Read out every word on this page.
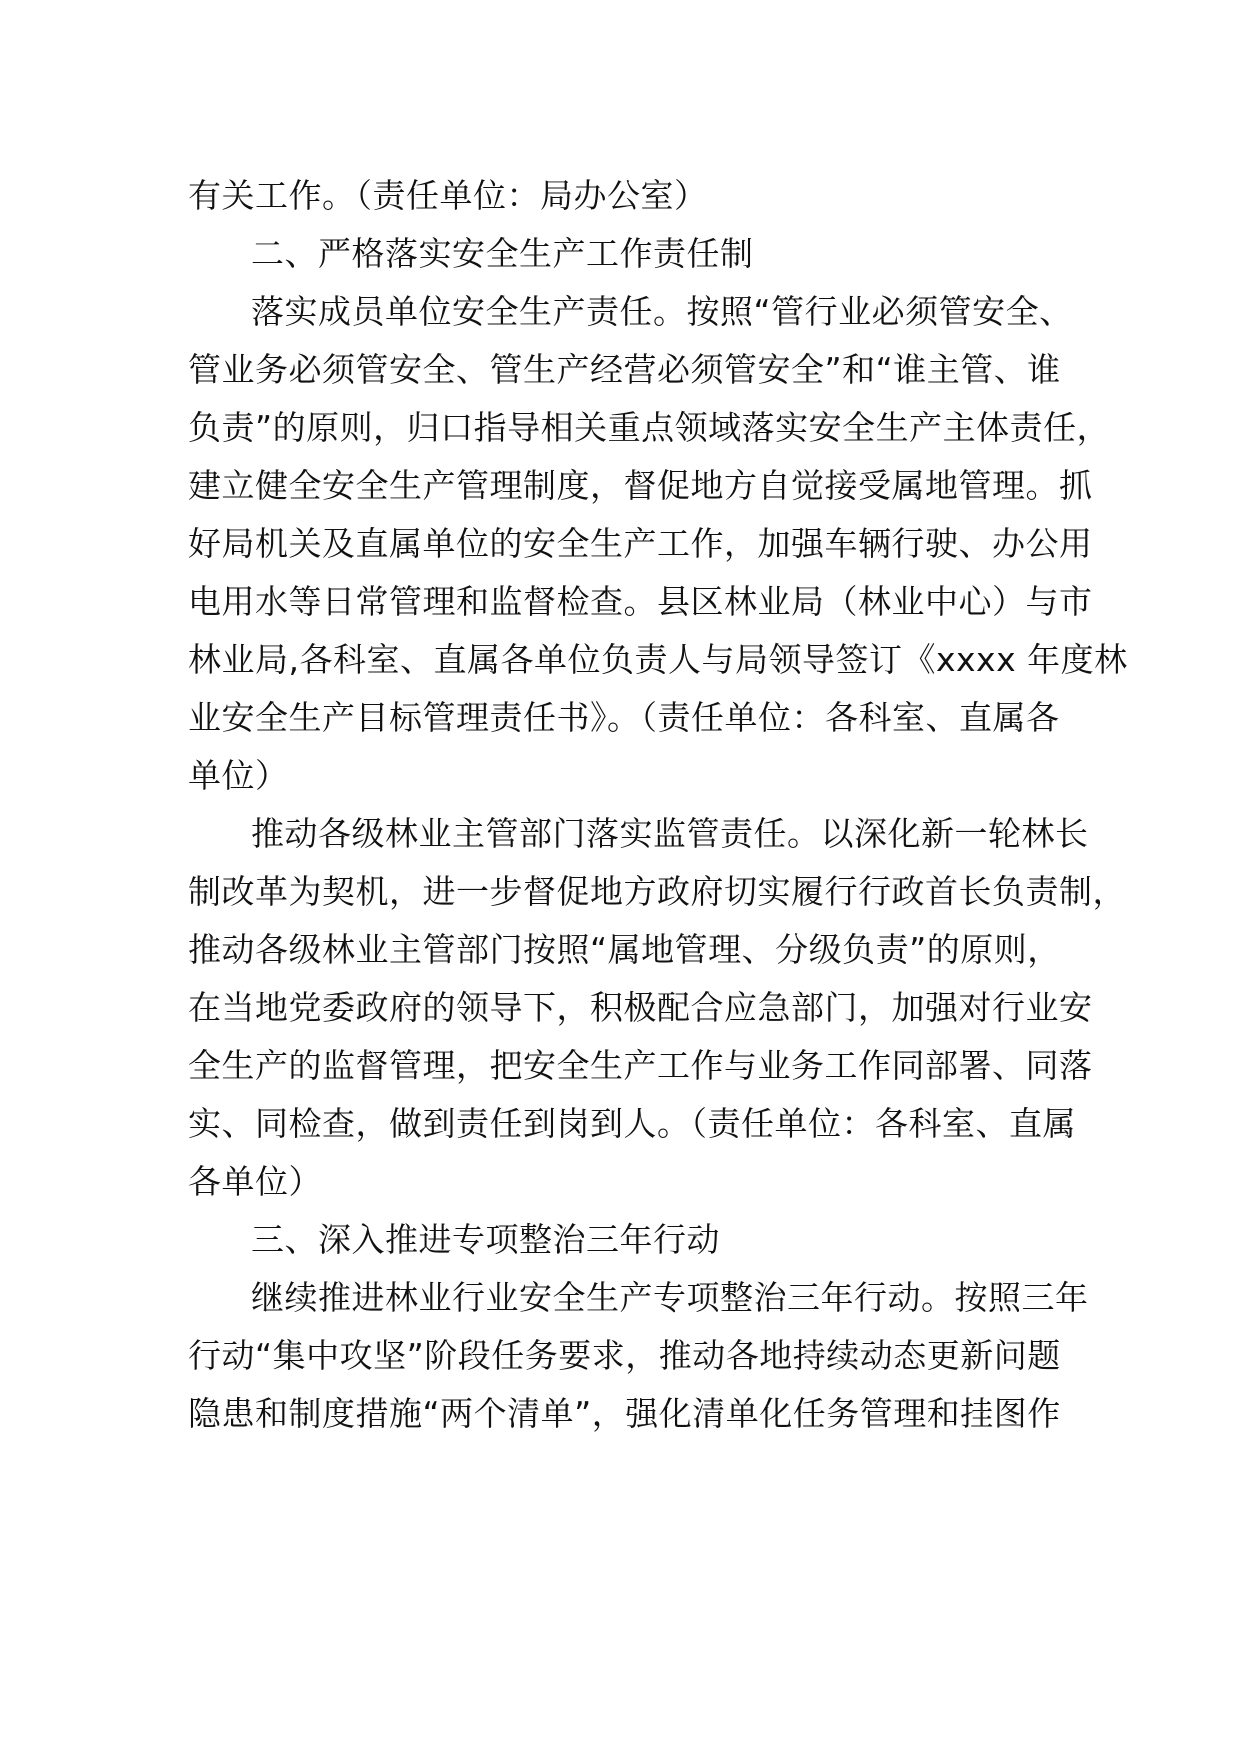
有关工作。（责任单位：局办公室）
二、严格落实安全生产工作责任制
落实成员单位安全生产责任。按照“管行业必须管安全、
管业务必须管安全、管生产经营必须管安全”和“谁主管、谁
负责”的原则，归口指导相关重点领域落实安全生产主体责任，
建立健全安全生产管理制度，督促地方自觉接受属地管理。抓
好局机关及直属单位的安全生产工作，加强车辆行驶、办公用
电用水等日常管理和监督检查。县区林业局（林业中心）与市
林业局,各科室、直属各单位负责人与局领导签订《xxxx 年度林
业安全生产目标管理责任书》。（责任单位：各科室、直属各
单位）
推动各级林业主管部门落实监管责任。以深化新一轮林长
制改革为契机，进一步督促地方政府切实履行行政首长负责制，
推动各级林业主管部门按照“属地管理、分级负责”的原则，
在当地党委政府的领导下，积极配合应急部门，加强对行业安
全生产的监督管理，把安全生产工作与业务工作同部署、同落
实、同检查，做到责任到岗到人。（责任单位：各科室、直属
各单位）
三、深入推进专项整治三年行动
继续推进林业行业安全生产专项整治三年行动。按照三年
行动“集中攻坚”阶段任务要求，推动各地持续动态更新问题
隐患和制度措施“两个清单”，强化清单化任务管理和挂图作
